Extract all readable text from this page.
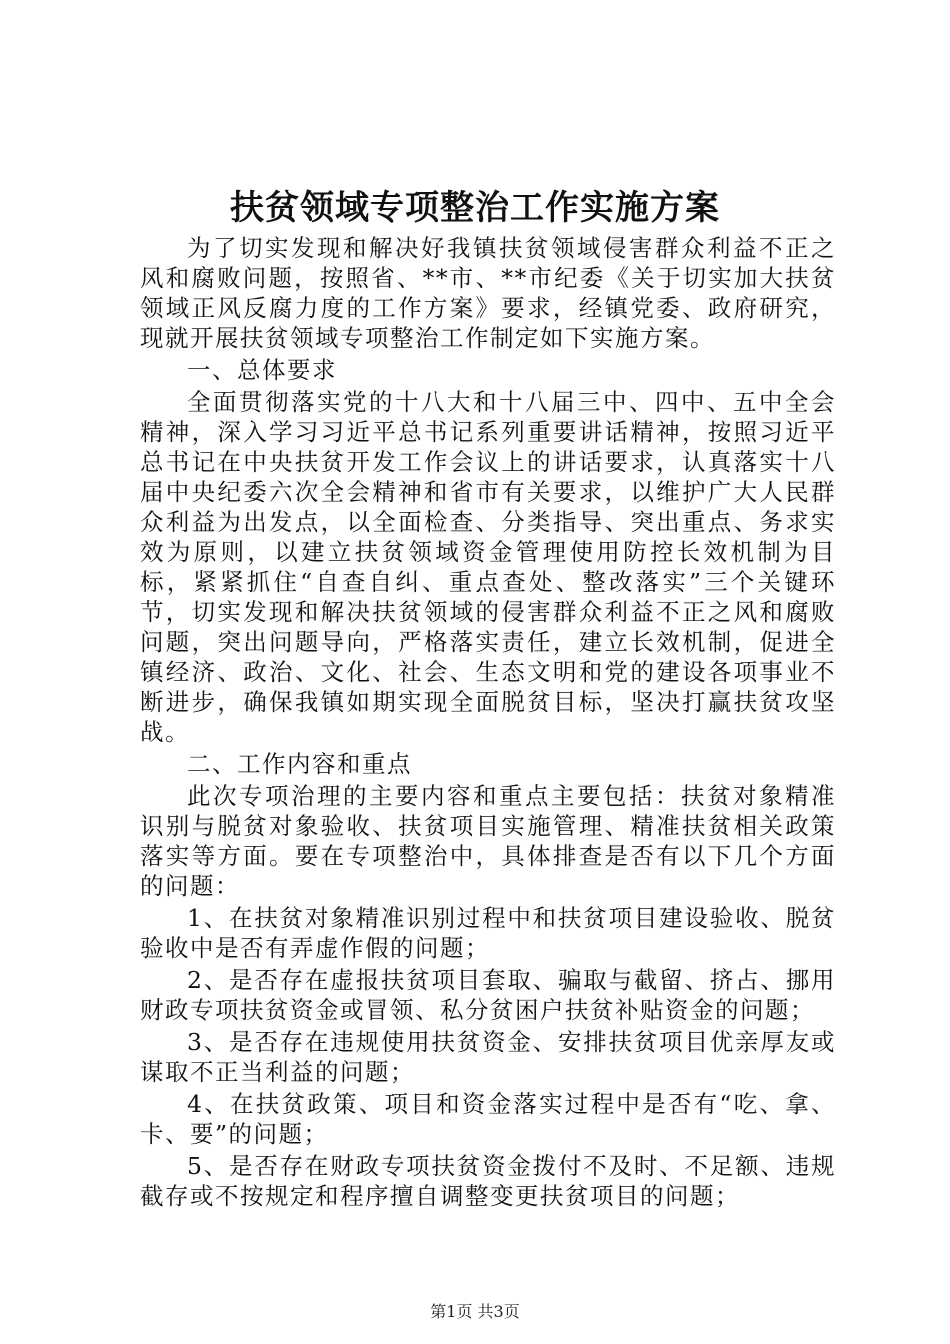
扶贫领域专项整治工作实施方案

为了切实发现和解决好我镇扶贫领域侵害群众利益不正之风和腐败问题，按照省、**市、**市纪委《关于切实加大扶贫领域正风反腐力度的工作方案》要求，经镇党委、政府研究，现就开展扶贫领域专项整治工作制定如下实施方案。

一、总体要求

全面贯彻落实党的十八大和十八届三中、四中、五中全会精神，深入学习习近平总书记系列重要讲话精神，按照习近平总书记在中央扶贫开发工作会议上的讲话要求，认真落实十八届中央纪委六次全会精神和省市有关要求，以维护广大人民群众利益为出发点，以全面检查、分类指导、突出重点、务求实效为原则，以建立扶贫领域资金管理使用防控长效机制为目标，紧紧抓住“自查自纠、重点查处、整改落实”三个关键环节，切实发现和解决扶贫领域的侵害群众利益不正之风和腐败问题，突出问题导向，严格落实责任，建立长效机制，促进全镇经济、政治、文化、社会、生态文明和党的建设各项事业不断进步，确保我镇如期实现全面脱贫目标，坚决打赢扶贫攻坚战。

二、工作内容和重点

此次专项治理的主要内容和重点主要包括：扶贫对象精准识别与脱贫对象验收、扶贫项目实施管理、精准扶贫相关政策落实等方面。要在专项整治中，具体排查是否有以下几个方面的问题：

1、在扶贫对象精准识别过程中和扶贫项目建设验收、脱贫验收中是否有弄虚作假的问题；

2、是否存在虚报扶贫项目套取、骗取与截留、挤占、挪用财政专项扶贫资金或冒领、私分贫困户扶贫补贴资金的问题；

3、是否存在违规使用扶贫资金、安排扶贫项目优亲厚友或谋取不正当利益的问题；

4、在扶贫政策、项目和资金落实过程中是否有“吃、拿、卡、要”的问题；

5、是否存在财政专项扶贫资金拨付不及时、不足额、违规截存或不按规定和程序擅自调整变更扶贫项目的问题；

第1页 共3页
